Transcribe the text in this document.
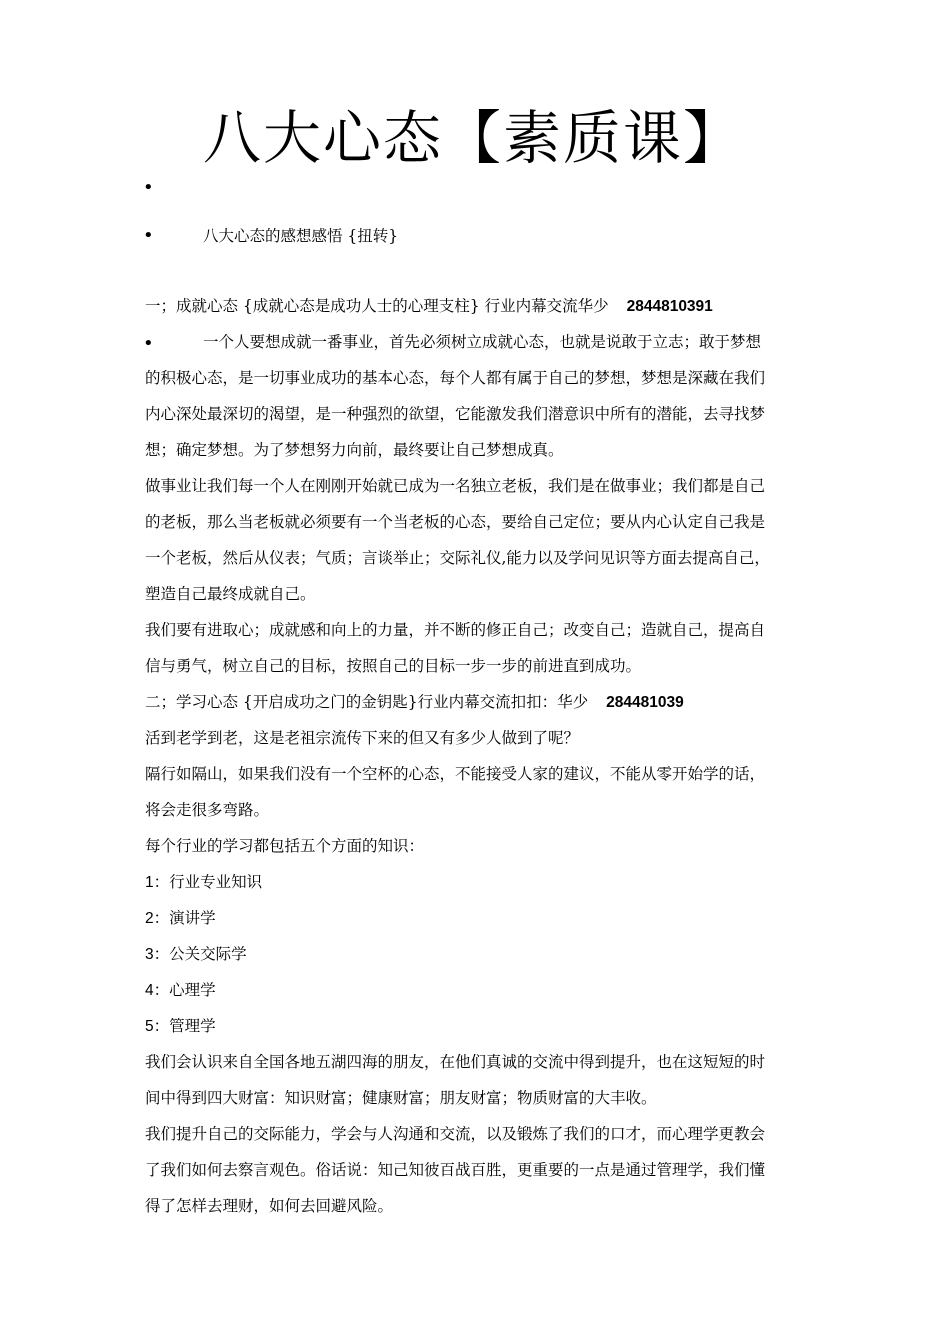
八大心态【素质课】
•
•	八大心态的感想感悟 {扭转}
一；成就心态 {成就心态是成功人士的心理支柱} 行业内幕交流华少 2844810391
•	一个人要想成就一番事业，首先必须树立成就心态，也就是说敢于立志；敢于梦想
的积极心态，是一切事业成功的基本心态，每个人都有属于自己的梦想，梦想是深藏在我们
内心深处最深切的渴望，是一种强烈的欲望，它能激发我们潜意识中所有的潜能，去寻找梦
想；确定梦想。为了梦想努力向前，最终要让自己梦想成真。
做事业让我们每一个人在刚刚开始就已成为一名独立老板，我们是在做事业；我们都是自己
的老板，那么当老板就必须要有一个当老板的心态，要给自己定位；要从内心认定自己我是
一个老板，然后从仪表；气质；言谈举止；交际礼仪,能力以及学问见识等方面去提高自己，
塑造自己最终成就自己。
我们要有进取心；成就感和向上的力量，并不断的修正自己；改变自己；造就自己，提高自
信与勇气，树立自己的目标，按照自己的目标一步一步的前进直到成功。
二；学习心态 {开启成功之门的金钥匙}行业内幕交流扣扣：华少 284481039
活到老学到老，这是老祖宗流传下来的但又有多少人做到了呢？
隔行如隔山，如果我们没有一个空杯的心态，不能接受人家的建议，不能从零开始学的话，
将会走很多弯路。
每个行业的学习都包括五个方面的知识：
1：行业专业知识
2：演讲学
3：公关交际学
4：心理学
5：管理学
我们会认识来自全国各地五湖四海的朋友，在他们真诚的交流中得到提升，也在这短短的时
间中得到四大财富：知识财富；健康财富；朋友财富；物质财富的大丰收。
我们提升自己的交际能力，学会与人沟通和交流，以及锻炼了我们的口才，而心理学更教会
了我们如何去察言观色。俗话说：知己知彼百战百胜，更重要的一点是通过管理学，我们懂
得了怎样去理财，如何去回避风险。
